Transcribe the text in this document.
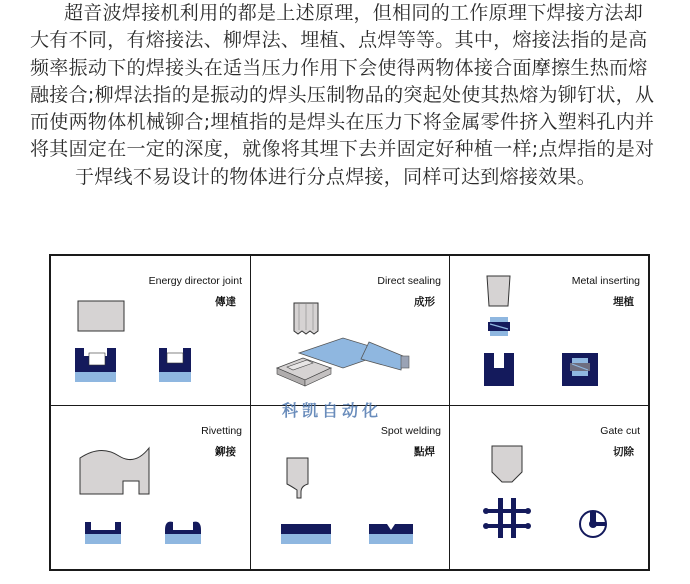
超音波焊接机利用的都是上述原理，但相同的工作原理下焊接方法却
大有不同，有熔接法、柳焊法、埋植、点焊等等。其中，熔接法指的是高
频率振动下的焊接头在适当压力作用下会使得两物体接合面摩擦生热而熔
融接合;柳焊法指的是振动的焊头压制物品的突起处使其热熔为铆钉状，从
而使两物体机械铆合;埋植指的是焊头在压力下将金属零件挤入塑料孔内并
将其固定在一定的深度，就像将其埋下去并固定好种植一样;点焊指的是对
于焊线不易设计的物体进行分点焊接，同样可达到熔接效果。
Energy director joint
傳達
Direct sealing
成形
Metal inserting
埋植
Rivetting
鉚接
Spot welding
點焊
Gate cut
切除
科凯自动化
